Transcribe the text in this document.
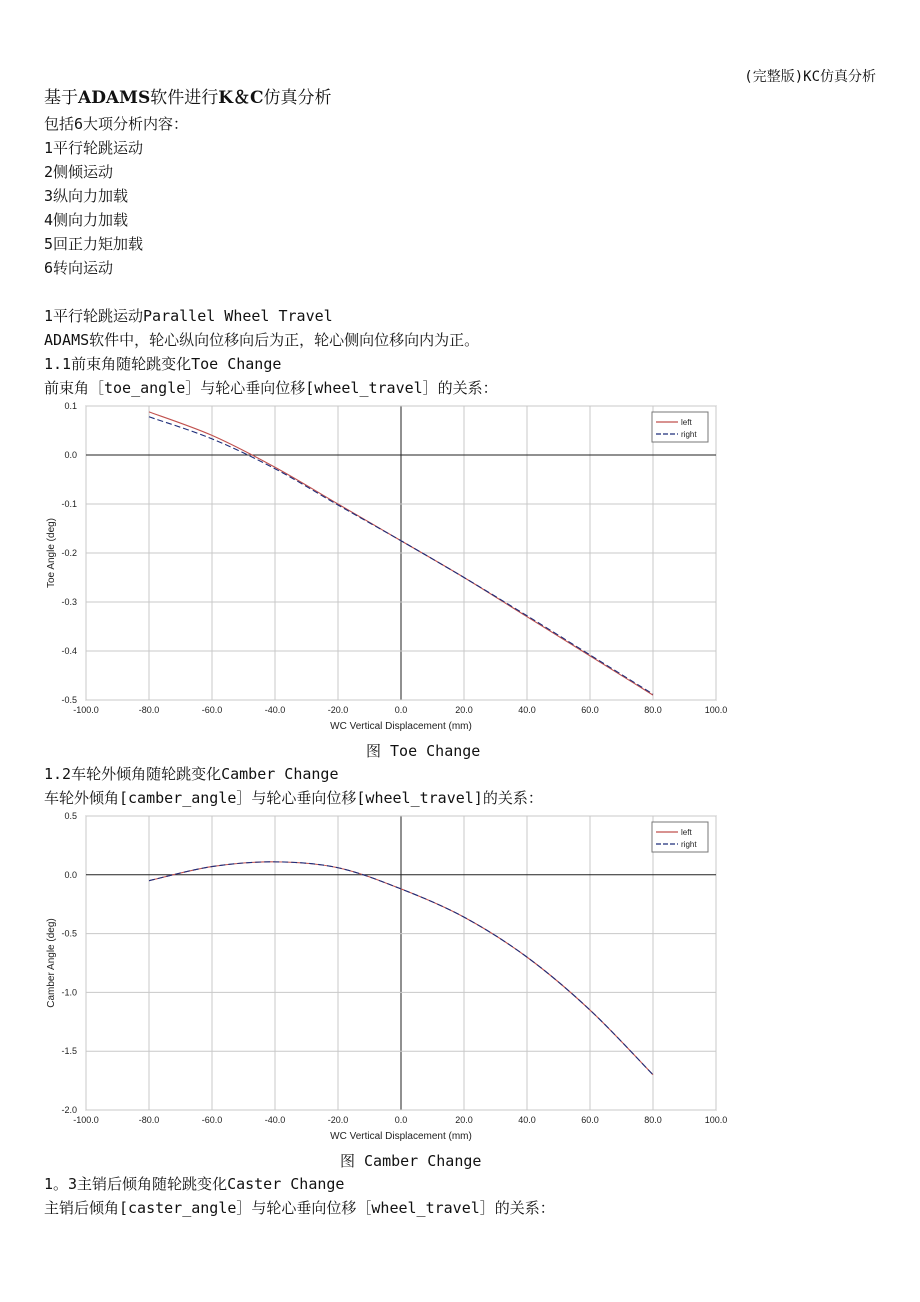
(完整版)KC仿真分析
基于ADAMS软件进行K＆C仿真分析
包括6大项分析内容：
1平行轮跳运动
2侧倾运动
3纵向力加载
4侧向力加载
5回正力矩加载
6转向运动
1平行轮跳运动Parallel Wheel Travel
ADAMS软件中，轮心纵向位移向后为正，轮心侧向位移向内为正。
1.1前束角随轮跳变化Toe Change
前束角［toe_angle］与轮心垂向位移[wheel_travel］的关系：
-100.0	-80.0	-60.0	-40.0	-20.0	0.0	20.0	40.0	60.0	80.0	100.0
0.1
0.0
-0.1
-0.2
-0.3
-0.4
-0.5
WC Vertical Displacement (mm)
Toe Angle (deg)
left
right
图 Toe Change
1.2车轮外倾角随轮跳变化Camber Change
车轮外倾角[camber_angle］与轮心垂向位移[wheel_travel]的关系：
-100.0	-80.0	-60.0	-40.0	-20.0	0.0	20.0	40.0	60.0	80.0	100.0
0.5
0.0
-0.5
-1.0
-1.5
-2.0
WC Vertical Displacement (mm)
Camber Angle (deg)
left
right
图 Camber Change
1。3主销后倾角随轮跳变化Caster Change
主销后倾角[caster_angle］与轮心垂向位移［wheel_travel］的关系：
